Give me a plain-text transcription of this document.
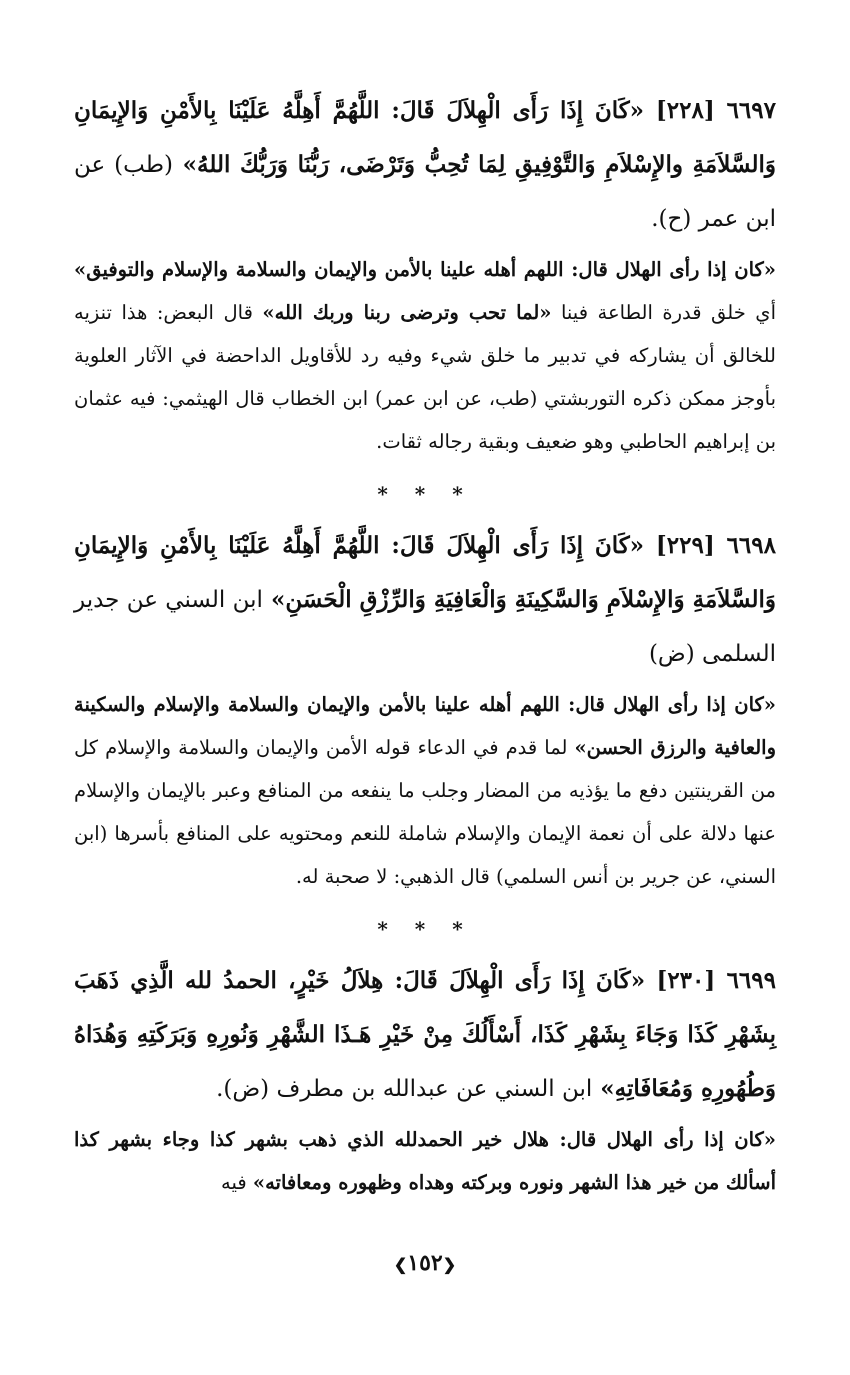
٦٦٩٧ [٢٢٨] «كَانَ إِذَا رَأَى الْهِلاَلَ قَالَ: اللَّهُمَّ أَهِلَّهُ عَلَيْنَا بِالأَمْنِ وَالإِيمَانِ وَالسَّلاَمَةِ والإِسْلاَمِ وَالتَّوْفِيقِ لِمَا تُحِبُّ وَتَرْضَى، رَبُّنَا وَرَبُّكَ اللهُ» (طب) عن ابن عمر (ح).

«كان إذا رأى الهلال قال: اللهم أهله علينا بالأمن والإيمان والسلامة والإسلام والتوفيق» أي خلق قدرة الطاعة فينا «لما تحب وترضى ربنا وربك الله» قال البعض: هذا تنزيه للخالق أن يشاركه في تدبير ما خلق شيء وفيه رد للأقاويل الداحضة في الآثار العلوية بأوجز ممكن ذكره التوربشتي (طب، عن ابن عمر) ابن الخطاب قال الهيثمي: فيه عثمان بن إبراهيم الحاطبي وهو ضعيف وبقية رجاله ثقات.

* * *

٦٦٩٨ [٢٢٩] «كَانَ إِذَا رَأَى الْهِلاَلَ قَالَ: اللَّهُمَّ أَهِلَّهُ عَلَيْنَا بِالأَمْنِ وَالإِيمَانِ وَالسَّلاَمَةِ وَالإِسْلاَمِ وَالسَّكِينَةِ وَالْعَافِيَةِ وَالرِّزْقِ الْحَسَنِ» ابن السني عن جدير السلمى (ض)

«كان إذا رأى الهلال قال: اللهم أهله علينا بالأمن والإيمان والسلامة والإسلام والسكينة والعافية والرزق الحسن» لما قدم في الدعاء قوله الأمن والإيمان والسلامة والإسلام كل من القرينتين دفع ما يؤذيه من المضار وجلب ما ينفعه من المنافع وعبر بالإيمان والإسلام عنها دلالة على أن نعمة الإيمان والإسلام شاملة للنعم ومحتويه على المنافع بأسرها (ابن السني، عن جرير بن أنس السلمي) قال الذهبي: لا صحبة له.

* * *

٦٦٩٩ [٢٣٠] «كَانَ إِذَا رَأَى الْهِلاَلَ قَالَ: هِلاَلُ خَيْرٍ، الحمدُ لله الَّذِي ذَهَبَ بِشَهْرِ كَذَا وَجَاءَ بِشَهْرِ كَذَا، أَسْأَلُكَ مِنْ خَيْرِ هَـذَا الشَّهْرِ وَنُورِهِ وَبَرَكَتِهِ وَهُدَاهُ وَطُهُورِهِ وَمُعَافَاتِهِ» ابن السني عن عبدالله بن مطرف (ض).

«كان إذا رأى الهلال قال: هلال خير الحمدلله الذي ذهب بشهر كذا وجاء بشهر كذا أسألك من خير هذا الشهر ونوره وبركته وهداه وظهوره ومعافاته» فيه

❮١٥٢❯
